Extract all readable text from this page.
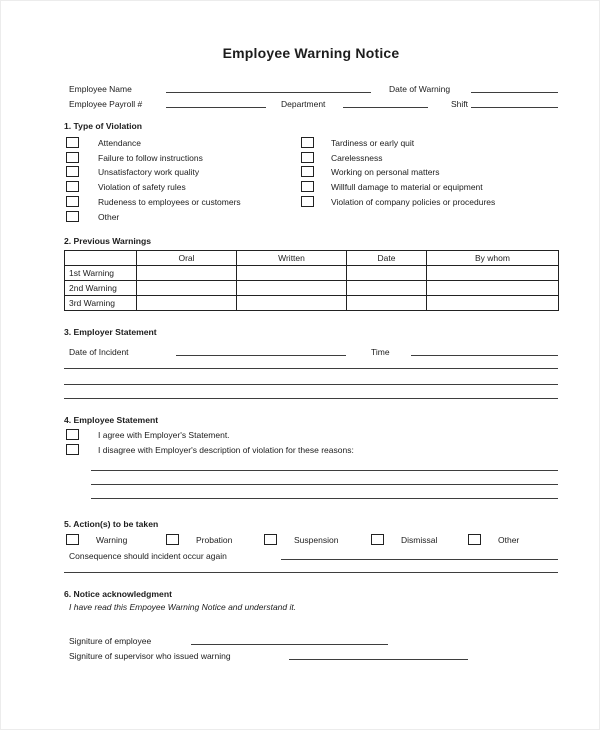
Employee Warning Notice
Employee Name	Date of Warning
Employee Payroll #	Department	Shift
1. Type of Violation
Attendance	Tardiness or early quit
Failure to follow instructions	Carelessness
Unsatisfactory work quality	Working on personal matters
Violation of safety rules	Willfull damage to material or equipment
Rudeness to employees or customers	Violation of company policies or procedures
Other
2. Previous Warnings
	Oral	Written	Date	By whom
1st Warning				
2nd Warning				
3rd Warning				
3. Employer Statement
Date of Incident	Time
4. Employee Statement
I agree with Employer's Statement.
I disagree with Employer's description of violation for these reasons:
5. Action(s) to be taken
Warning	Probation	Suspension	Dismissal	Other
Consequence should incident occur again
6. Notice acknowledgment
I have read this Empoyee Warning Notice and understand it.
Signiture of employee
Signiture of supervisor who issued warning
